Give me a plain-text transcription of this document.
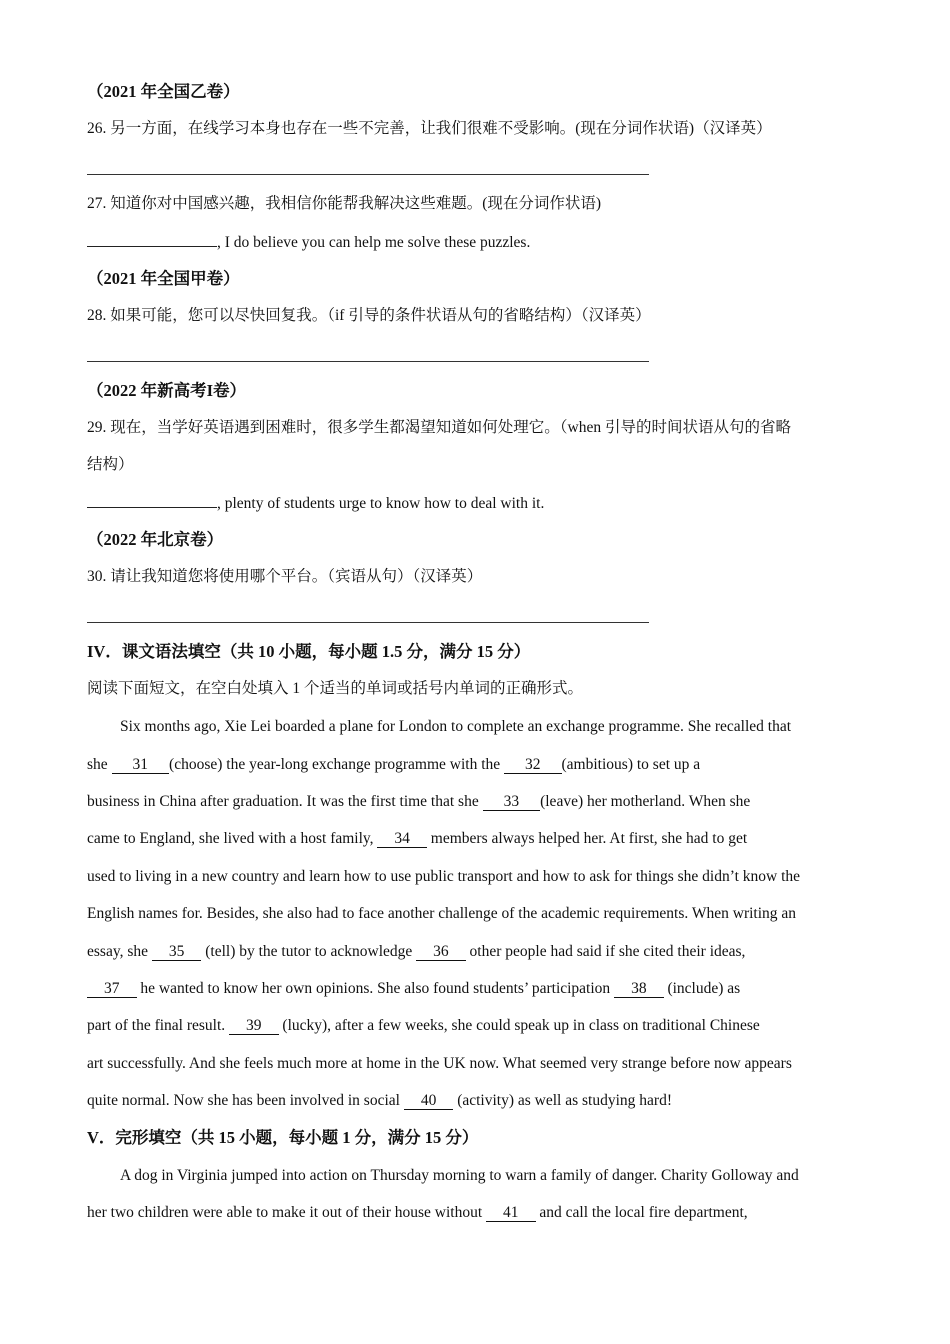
（2021 年全国乙卷）
26. 另一方面，在线学习本身也存在一些不完善，让我们很难不受影响。(现在分词作状语)（汉译英）
27. 知道你对中国感兴趣，我相信你能帮我解决这些难题。(现在分词作状语)
, I do believe you can help me solve these puzzles.
（2021 年全国甲卷）
28. 如果可能，您可以尽快回复我。（if 引导的条件状语从句的省略结构）（汉译英）
（2022 年新高考I卷）
29. 现在，当学好英语遇到困难时，很多学生都渴望知道如何处理它。（when 引导的时间状语从句的省略
结构）
, plenty of students urge to know how to deal with it.
（2022 年北京卷）
30. 请让我知道您将使用哪个平台。（宾语从句）（汉译英）
IV．课文语法填空（共 10 小题，每小题 1.5 分，满分 15 分）
阅读下面短文，在空白处填入 1 个适当的单词或括号内单词的正确形式。
Six months ago, Xie Lei boarded a plane for London to complete an exchange programme. She recalled that
she 31 (choose) the year-long exchange programme with the 32 (ambitious) to set up a
business in China after graduation. It was the first time that she 33 (leave) her motherland. When she
came to England, she lived with a host family, 34 members always helped her. At first, she had to get
used to living in a new country and learn how to use public transport and how to ask for things she didn’t know the
English names for. Besides, she also had to face another challenge of the academic requirements. When writing an
essay, she 35 (tell) by the tutor to acknowledge 36 other people had said if she cited their ideas,
37 he wanted to know her own opinions. She also found students’ participation 38 (include) as
part of the final result. 39 (lucky), after a few weeks, she could speak up in class on traditional Chinese
art successfully. And she feels much more at home in the UK now. What seemed very strange before now appears
quite normal. Now she has been involved in social 40 (activity) as well as studying hard!
V．完形填空（共 15 小题，每小题 1 分，满分 15 分）
A dog in Virginia jumped into action on Thursday morning to warn a family of danger. Charity Golloway and
her two children were able to make it out of their house without 41 and call the local fire department,
